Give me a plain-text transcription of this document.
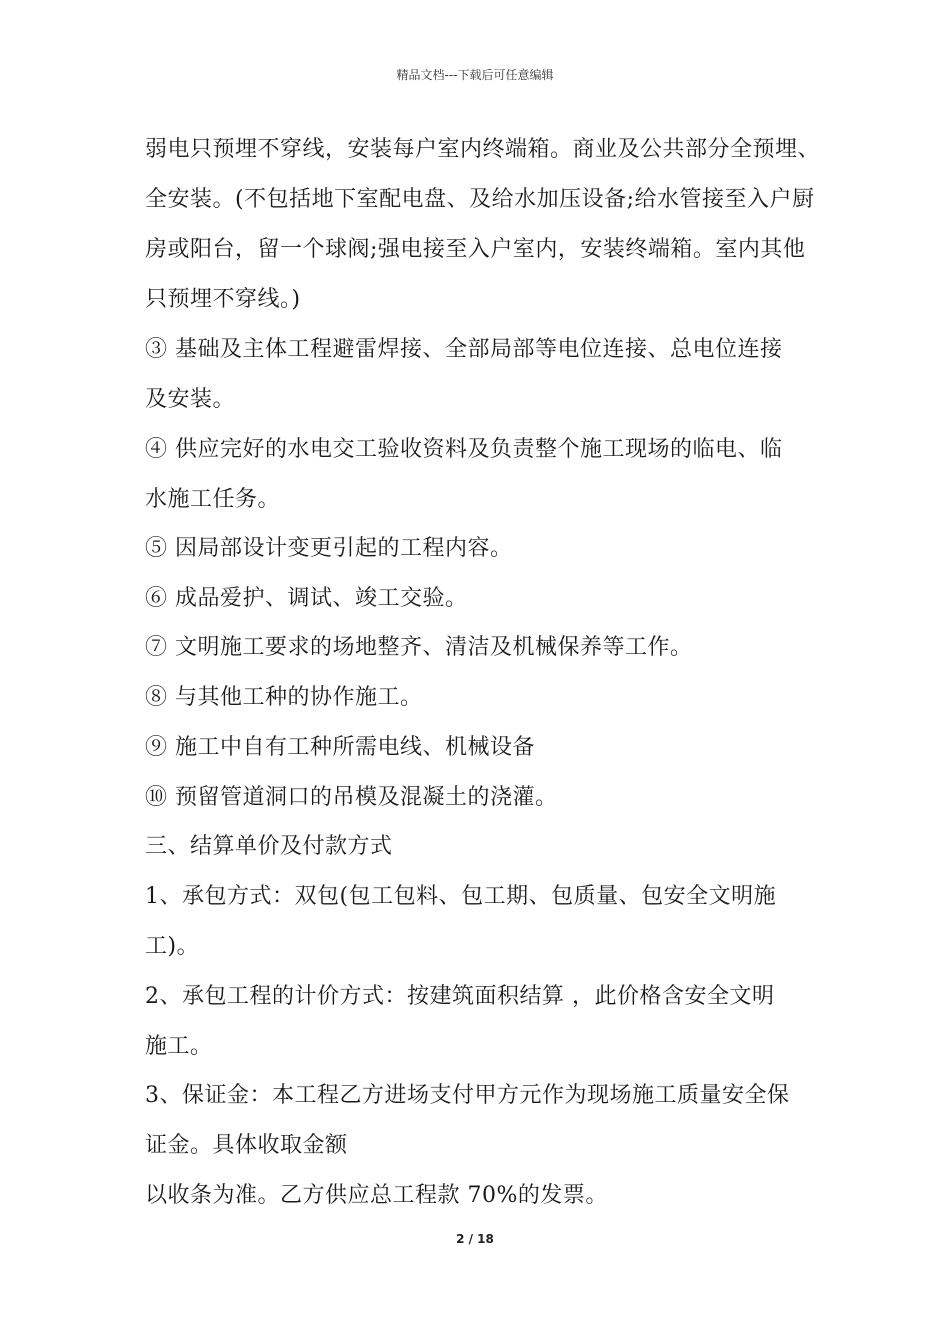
精品文档---下载后可任意编辑
弱电只预埋不穿线，安装每户室内终端箱。商业及公共部分全预埋、
全安装。(不包括地下室配电盘、及给水加压设备;给水管接至入户厨
房或阳台，留一个球阀;强电接至入户室内，安装终端箱。室内其他
只预埋不穿线。)
③ 基础及主体工程避雷焊接、全部局部等电位连接、总电位连接
及安装。
④ 供应完好的水电交工验收资料及负责整个施工现场的临电、临
水施工任务。
⑤ 因局部设计变更引起的工程内容。
⑥ 成品爱护、调试、竣工交验。
⑦ 文明施工要求的场地整齐、清洁及机械保养等工作。
⑧ 与其他工种的协作施工。
⑨ 施工中自有工种所需电线、机械设备
⑩ 预留管道洞口的吊模及混凝土的浇灌。
三、结算单价及付款方式
1、承包方式：双包(包工包料、包工期、包质量、包安全文明施
工)。
2、承包工程的计价方式：按建筑面积结算 ，此价格含安全文明
施工。
3、保证金：本工程乙方进场支付甲方元作为现场施工质量安全保
证金。具体收取金额
以收条为准。乙方供应总工程款 70%的发票。
2 / 18
